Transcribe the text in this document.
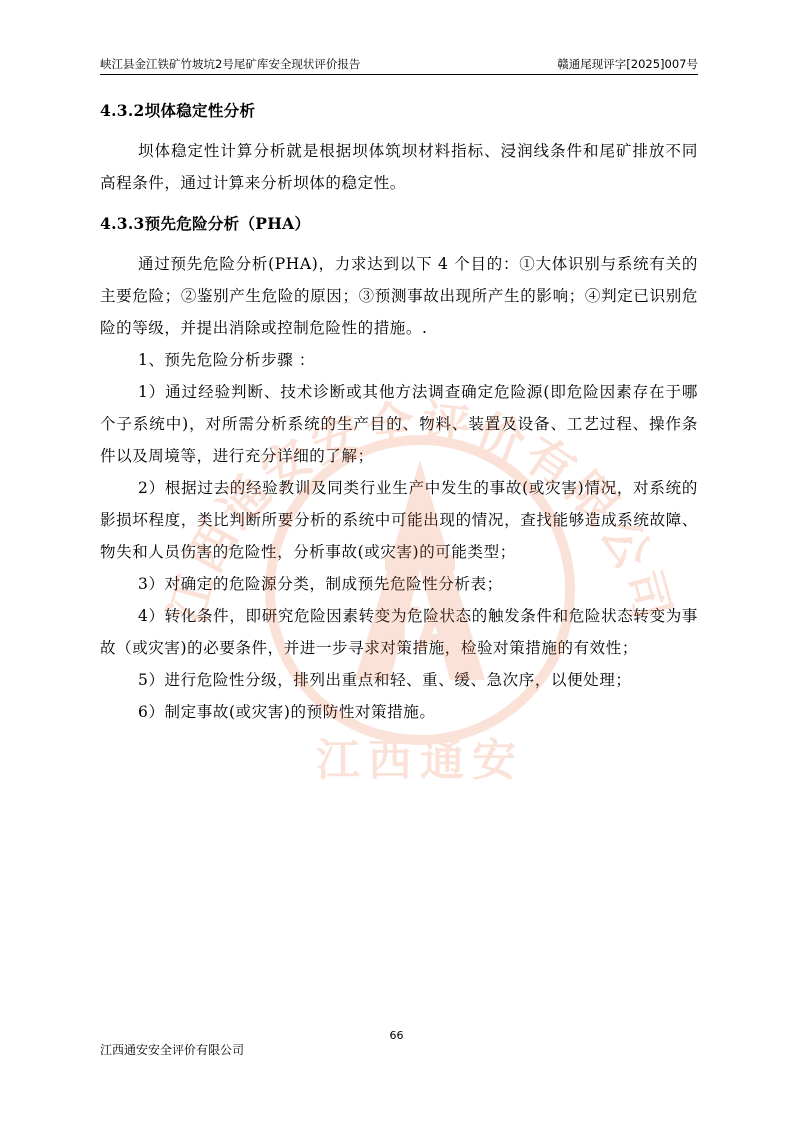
峡江县金江铁矿竹坡坑2号尾矿库安全现状评价报告	赣通尾现评字[2025]007号
4.3.2坝体稳定性分析

坝体稳定性计算分析就是根据坝体筑坝材料指标、浸润线条件和尾矿排放不同高程条件，通过计算来分析坝体的稳定性。

4.3.3预先危险分析（PHA）

通过预先危险分析(PHA)，力求达到以下 4 个目的：①大体识别与系统有关的主要危险；②鉴别产生危险的原因；③预测事故出现所产生的影响；④判定已识别危险的等级，并提出消除或控制危险性的措施。.

1、预先危险分析步骤 ：

1）通过经验判断、技术诊断或其他方法调查确定危险源(即危险因素存在于哪个子系统中)，对所需分析系统的生产目的、物料、装置及设备、工艺过程、操作条件以及周境等，进行充分详细的了解；

2）根据过去的经验教训及同类行业生产中发生的事故(或灾害)情况，对系统的影损坏程度，类比判断所要分析的系统中可能出现的情况，查找能够造成系统故障、物失和人员伤害的危险性，分析事故(或灾害)的可能类型；

3）对确定的危险源分类，制成预先危险性分析表；

4）转化条件，即研究危险因素转变为危险状态的触发条件和危险状态转变为事故（或灾害)的必要条件，并进一步寻求对策措施，检验对策措施的有效性；

5）进行危险性分级，排列出重点和轻、重、缓、急次序，以便处理；

6）制定事故(或灾害)的预防性对策措施。

TA
江西通安安全评价有限公司
江西通安
66
江西通安安全评价有限公司
